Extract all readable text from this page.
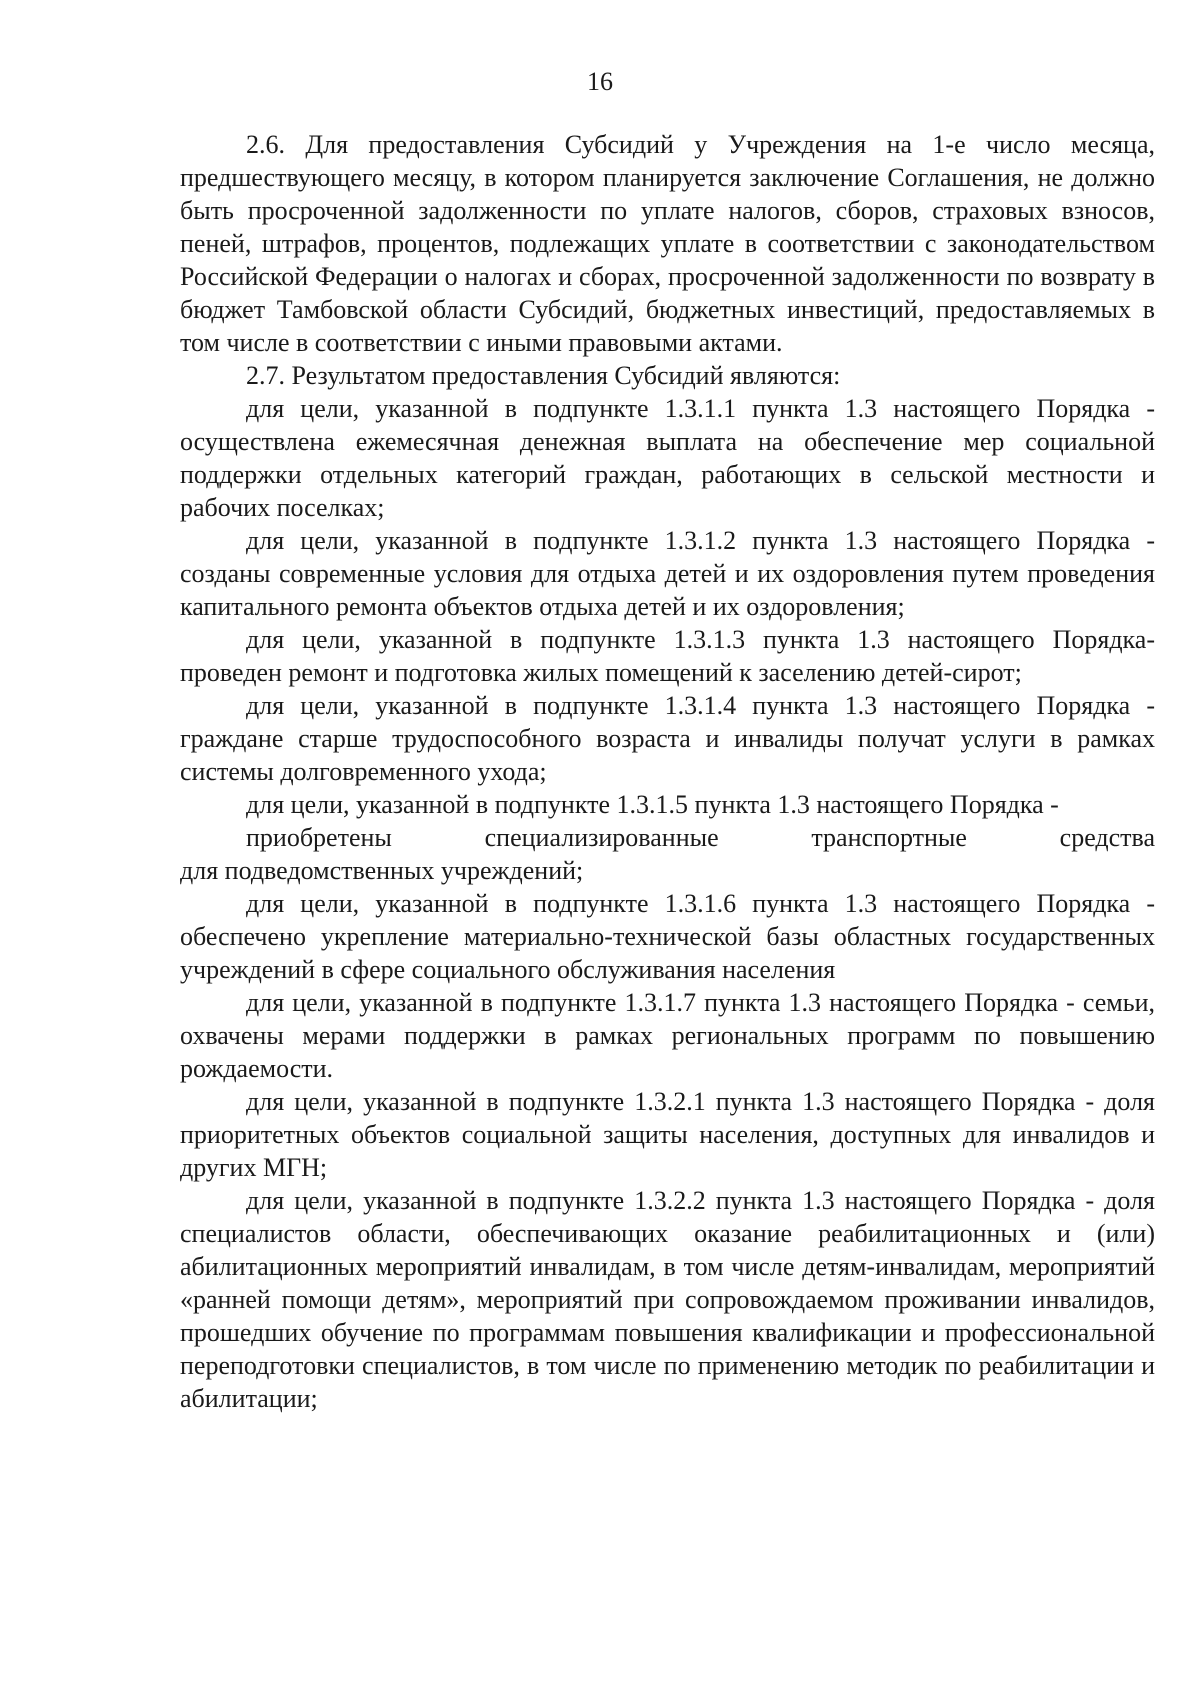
16

2.6. Для предоставления Субсидий у Учреждения на 1-е число месяца, предшествующего месяцу, в котором планируется заключение Соглашения, не должно быть просроченной задолженности по уплате налогов, сборов, страховых взносов, пеней, штрафов, процентов, подлежащих уплате в соответствии с законодательством Российской Федерации о налогах и сборах, просроченной задолженности по возврату в бюджет Тамбовской области Субсидий, бюджетных инвестиций, предоставляемых в том числе в соответствии с иными правовыми актами.

2.7. Результатом предоставления Субсидий являются:

для цели, указанной в подпункте 1.3.1.1 пункта 1.3 настоящего Порядка - осуществлена ежемесячная денежная выплата на обеспечение мер социальной поддержки отдельных категорий граждан, работающих в сельской местности и рабочих поселках;

для цели, указанной в подпункте 1.3.1.2 пункта 1.3 настоящего Порядка - созданы современные условия для отдыха детей и их оздоровления путем проведения капитального ремонта объектов отдыха детей и их оздоровления;

для цели, указанной в подпункте 1.3.1.3 пункта 1.3 настоящего Порядка- проведен ремонт и подготовка жилых помещений к заселению детей-сирот;

для цели, указанной в подпункте 1.3.1.4 пункта 1.3 настоящего Порядка - граждане старше трудоспособного возраста и инвалиды получат услуги в рамках системы долговременного ухода;

для цели, указанной в подпункте 1.3.1.5 пункта 1.3 настоящего Порядка -

приобретены специализированные транспортные средства

для подведомственных учреждений;

для цели, указанной в подпункте 1.3.1.6 пункта 1.3 настоящего Порядка - обеспечено укрепление материально-технической базы областных государственных учреждений в сфере социального обслуживания населения

для цели, указанной в подпункте 1.3.1.7 пункта 1.3 настоящего Порядка - семьи, охвачены мерами поддержки в рамках региональных программ по повышению рождаемости.

для цели, указанной в подпункте 1.3.2.1 пункта 1.3 настоящего Порядка - доля приоритетных объектов социальной защиты населения, доступных для инвалидов и других МГН;

для цели, указанной в подпункте 1.3.2.2 пункта 1.3 настоящего Порядка - доля специалистов области, обеспечивающих оказание реабилитационных и (или) абилитационных мероприятий инвалидам, в том числе детям-инвалидам, мероприятий «ранней помощи детям», мероприятий при сопровождаемом проживании инвалидов, прошедших обучение по программам повышения квалификации и профессиональной переподготовки специалистов, в том числе по применению методик по реабилитации и абилитации;
